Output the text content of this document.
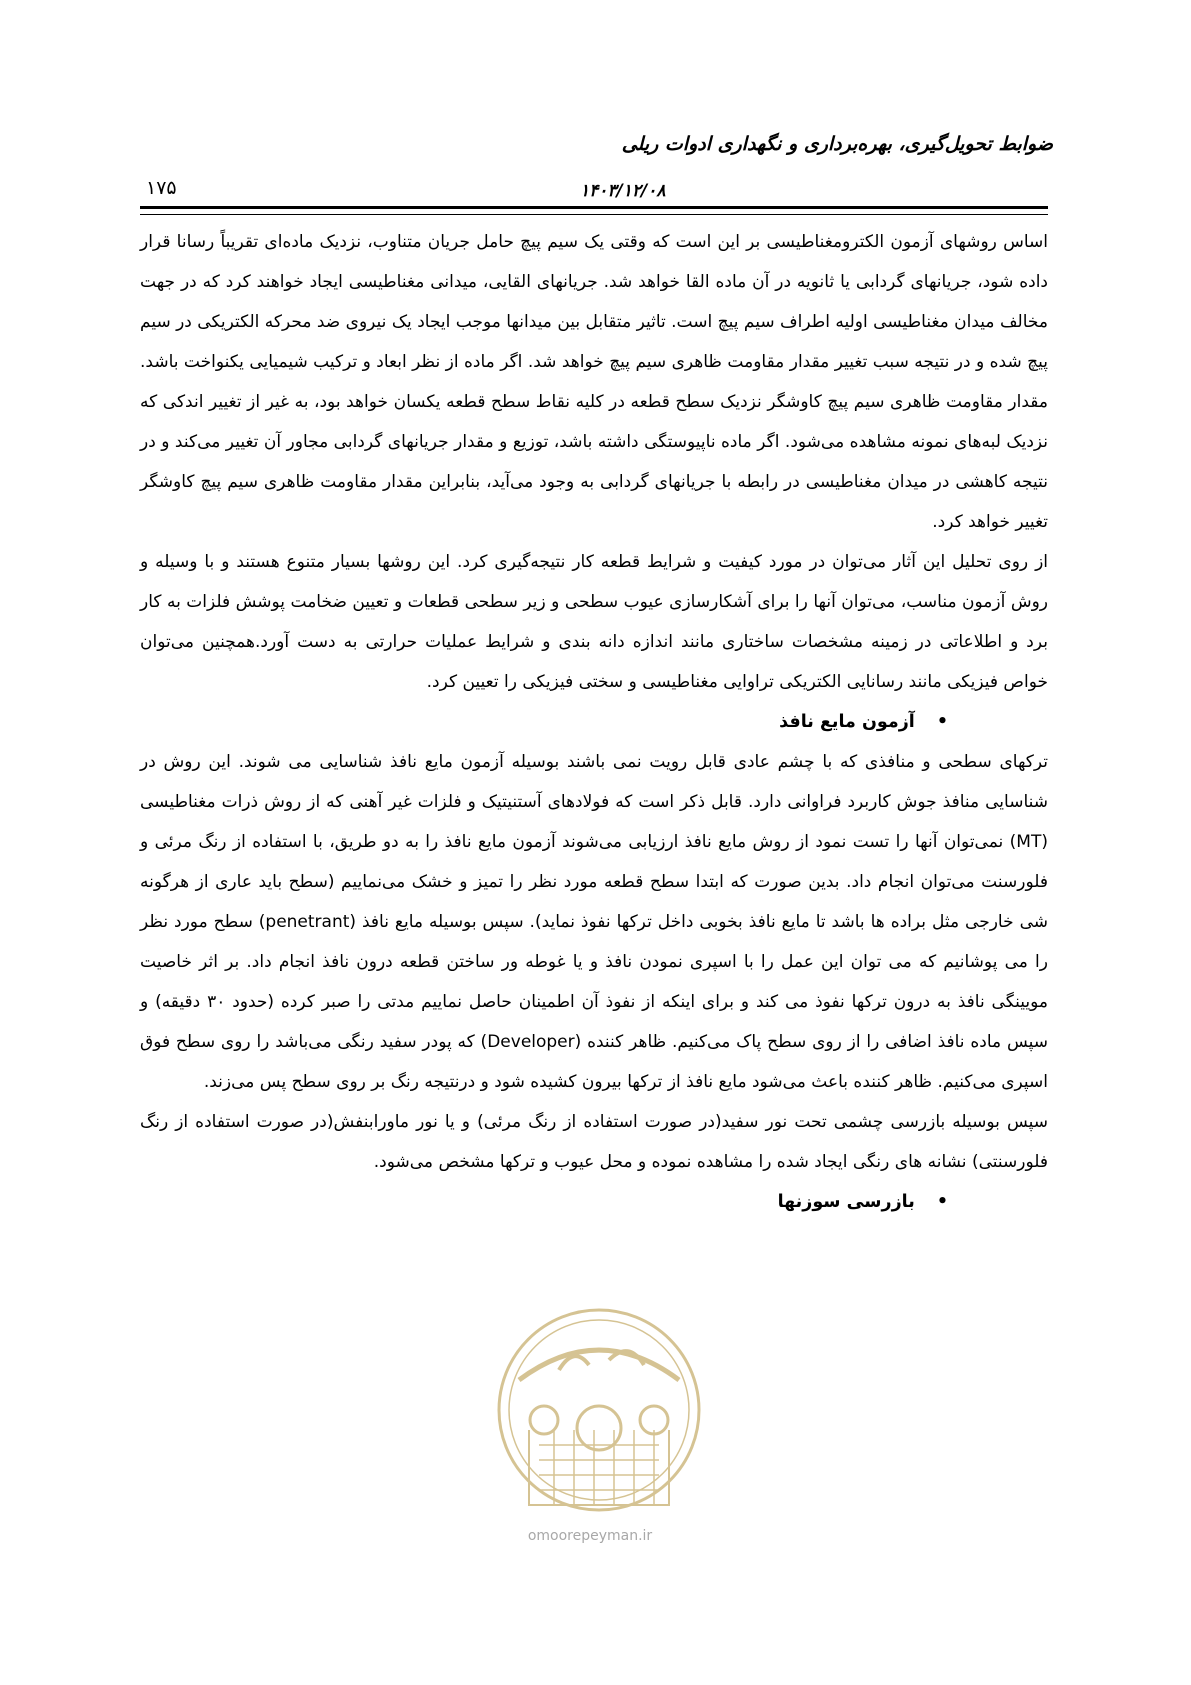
ضوابط تحویل‌گیری، بهره‌برداری و نگهداری ادوات ریلی
۱۷۵	۱۴۰۳/۱۲/۰۸

اساس روشهای آزمون الکترومغناطیسی بر این است که وقتی یک سیم پیچ حامل جریان متناوب، نزدیک ماده‌ای تقریباً رسانا قرار داده شود، جریانهای گردابی یا ثانویه در آن ماده القا خواهد شد. جریانهای القایی، میدانی مغناطیسی ایجاد خواهند کرد که در جهت مخالف میدان مغناطیسی اولیه اطراف سیم پیچ است. تاثیر متقابل بین میدانها موجب ایجاد یک نیروی ضد محرکه الکتریکی در سیم پیچ شده و در نتیجه سبب تغییر مقدار مقاومت ظاهری سیم پیچ خواهد شد. اگر ماده از نظر ابعاد و ترکیب شیمیایی یکنواخت باشد. مقدار مقاومت ظاهری سیم پیچ کاوشگر نزدیک سطح قطعه در کلیه نقاط سطح قطعه یکسان خواهد بود، به غیر از تغییر اندکی که نزدیک لبه‌های نمونه مشاهده می‌شود. اگر ماده ناپیوستگی داشته باشد، توزیع و مقدار جریانهای گردابی مجاور آن تغییر می‌کند و در نتیجه کاهشی در میدان مغناطیسی در رابطه با جریانهای گردابی به وجود می‌آید، بنابراین مقدار مقاومت ظاهری سیم پیچ کاوشگر تغییر خواهد کرد.

از روی تحلیل این آثار می‌توان در مورد کیفیت و شرایط قطعه کار نتیجه‌گیری کرد. این روشها بسیار متنوع هستند و با وسیله و روش آزمون مناسب، می‌توان آنها را برای آشکارسازی عیوب سطحی و زیر سطحی قطعات و تعیین ضخامت پوشش فلزات به کار برد و اطلاعاتی در زمینه مشخصات ساختاری مانند اندازه دانه بندی و شرایط عملیات حرارتی به دست آورد.همچنین می‌توان خواص فیزیکی مانند رسانایی الکتریکی تراوایی مغناطیسی و سختی فیزیکی را تعیین کرد.

•آزمون مایع نافذ

ترکهای سطحی و منافذی که با چشم عادی قابل رویت نمی باشند بوسیله آزمون مایع نافذ شناسایی می شوند. این روش در شناسایی منافذ جوش کاربرد فراوانی دارد. قابل ذکر است که فولادهای آستنیتیک و فلزات غیر آهنی که از روش ذرات مغناطیسی (MT) نمی‌توان آنها را تست نمود از روش مایع نافذ ارزیابی می‌شوند آزمون مایع نافذ را به دو طریق، با استفاده از رنگ مرئی و فلورسنت می‌توان انجام داد. بدین صورت که ابتدا سطح قطعه مورد نظر را تمیز و خشک می‌نماییم (سطح باید عاری از هرگونه شی خارجی مثل براده ها باشد تا مایع نافذ بخوبی داخل ترکها نفوذ نماید). سپس بوسیله مایع نافذ (penetrant) سطح مورد نظر را می پوشانیم که می توان این عمل را با اسپری نمودن نافذ و یا غوطه ور ساختن قطعه درون نافذ انجام داد. بر اثر خاصیت مویینگی نافذ به درون ترکها نفوذ می کند و برای اینکه از نفوذ آن اطمینان حاصل نماییم مدتی را صبر کرده (حدود ۳۰ دقیقه) و سپس ماده نافذ اضافی را از روی سطح پاک می‌کنیم. ظاهر کننده (Developer) که پودر سفید رنگی می‌باشد را روی سطح فوق اسپری می‌کنیم. ظاهر کننده باعث می‌شود مایع نافذ از ترکها بیرون کشیده شود و درنتیجه رنگ بر روی سطح پس می‌زند.

سپس بوسیله بازرسی چشمی تحت نور سفید(در صورت استفاده از رنگ مرئی) و یا نور ماورابنفش(در صورت استفاده از رنگ فلورسنتی) نشانه های رنگی ایجاد شده را مشاهده نموده و محل عیوب و ترکها مشخص می‌شود.

•بازرسی سوزنها

omoorepeyman.ir
